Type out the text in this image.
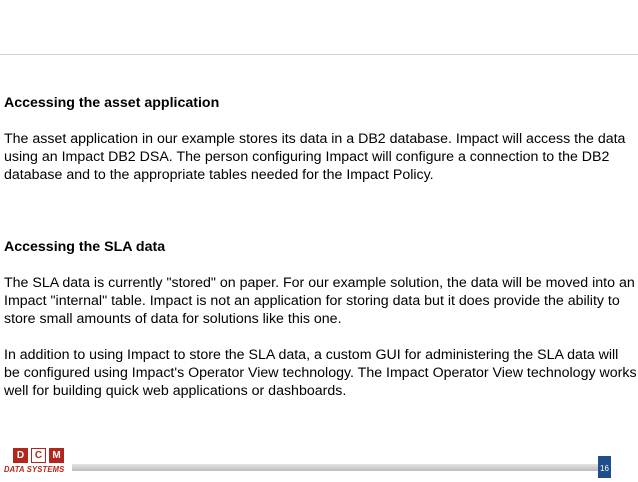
Accessing the asset application

The asset application in our example stores its data in a DB2 database. Impact will access the data using an Impact DB2 DSA. The person configuring Impact will configure a connection to the DB2 database and to the appropriate tables needed for the Impact Policy.

Accessing the SLA data

The SLA data is currently "stored" on paper. For our example solution, the data will be moved into an Impact "internal" table. Impact is not an application for storing data but it does provide the ability to store small amounts of data for solutions like this one.

In addition to using Impact to store the SLA data, a custom GUI for administering the SLA data will be configured using Impact's Operator View technology. The Impact Operator View technology works well for building quick web applications or dashboards.

D	C	M
DATA SYSTEMS	16
